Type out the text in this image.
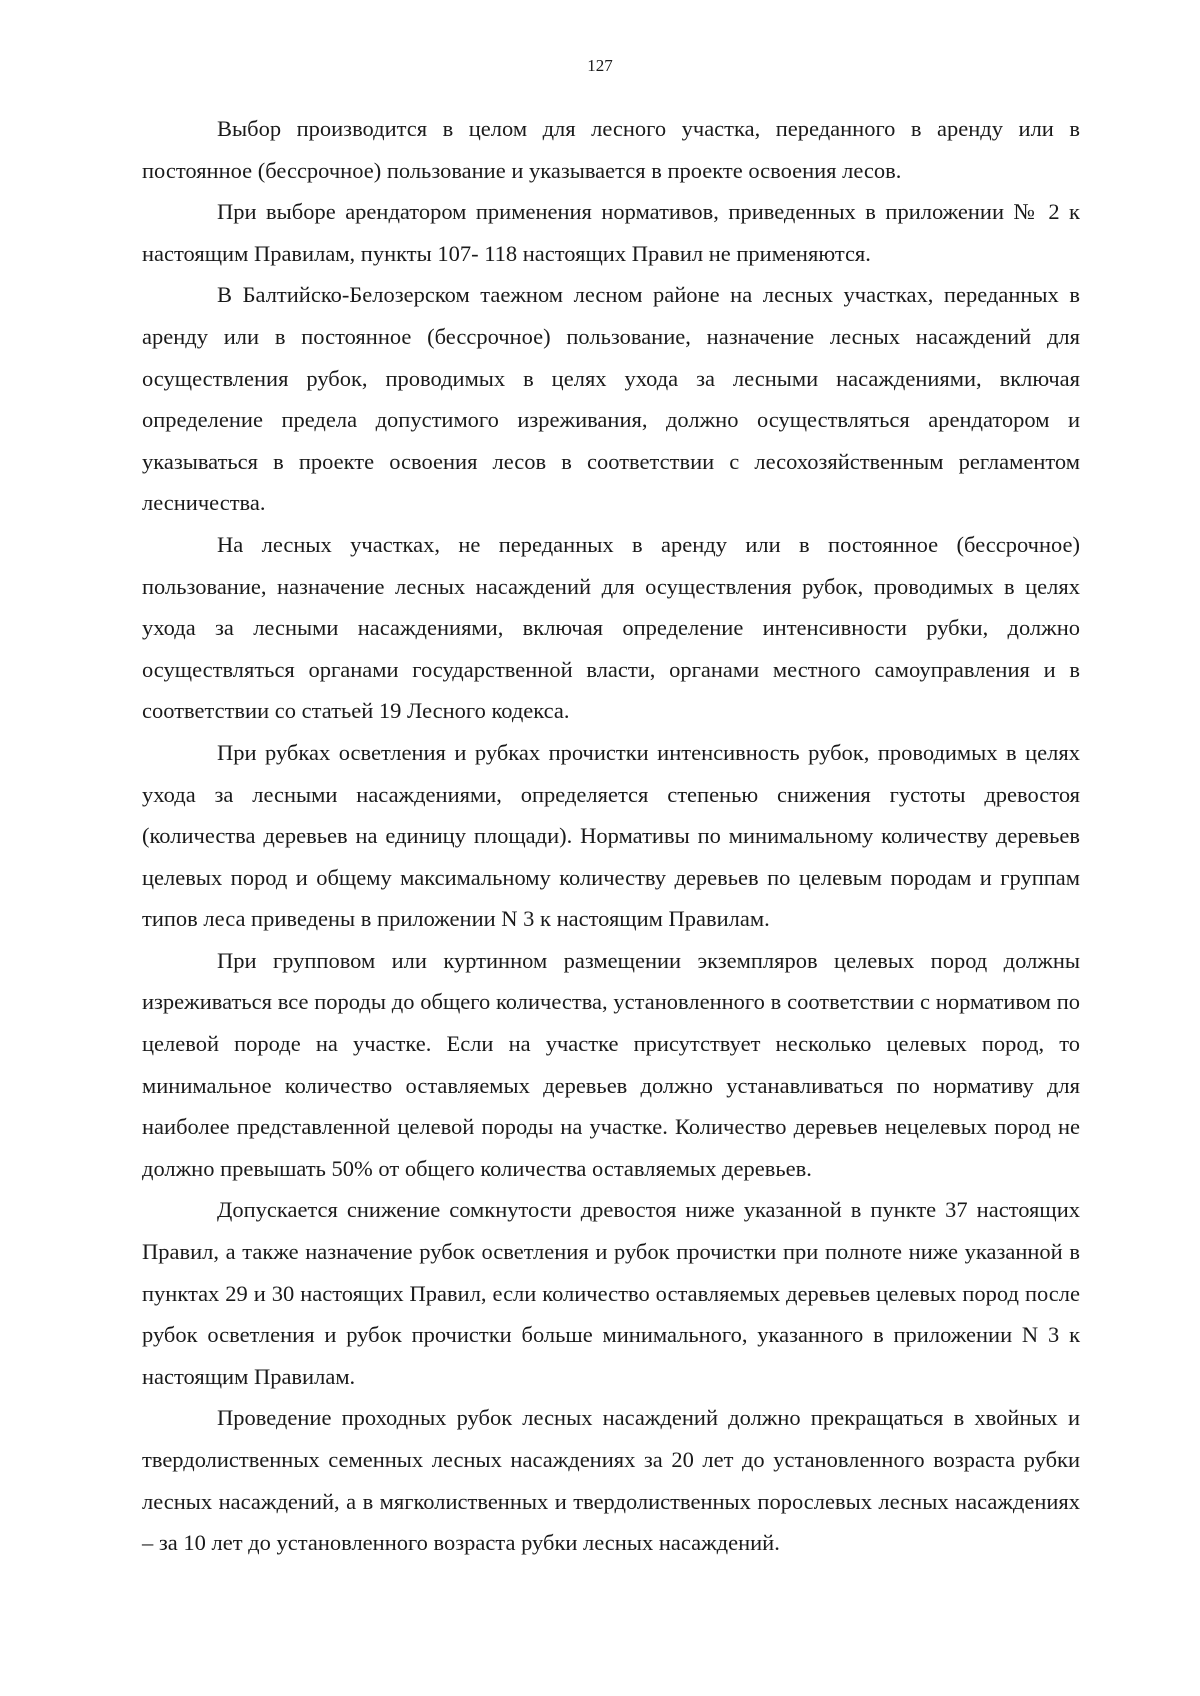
127

Выбор производится в целом для лесного участка, переданного в аренду или в постоянное (бессрочное) пользование и указывается в проекте освоения лесов.

При выборе арендатором применения нормативов, приведенных в приложении № 2 к настоящим Правилам, пункты 107- 118 настоящих Правил не применяются.

В Балтийско-Белозерском таежном лесном районе на лесных участках, переданных в аренду или в постоянное (бессрочное) пользование, назначение лесных насаждений для осуществления рубок, проводимых в целях ухода за лесными насаждениями, включая определение предела допустимого изреживания, должно осуществляться арендатором и указываться в проекте освоения лесов в соответствии с лесохозяйственным регламентом лесничества.

На лесных участках, не переданных в аренду или в постоянное (бессрочное) пользование, назначение лесных насаждений для осуществления рубок, проводимых в целях ухода за лесными насаждениями, включая определение интенсивности рубки, должно осуществляться органами государственной власти, органами местного самоуправления и в соответствии со статьей 19 Лесного кодекса.

При рубках осветления и рубках прочистки интенсивность рубок, проводимых в целях ухода за лесными насаждениями, определяется степенью снижения густоты древостоя (количества деревьев на единицу площади). Нормативы по минимальному количеству деревьев целевых пород и общему максимальному количеству деревьев по целевым породам и группам типов леса приведены в приложении N 3 к настоящим Правилам.

При групповом или куртинном размещении экземпляров целевых пород должны изреживаться все породы до общего количества, установленного в соответствии с нормативом по целевой породе на участке. Если на участке присутствует несколько целевых пород, то минимальное количество оставляемых деревьев должно устанавливаться по нормативу для наиболее представленной целевой породы на участке. Количество деревьев нецелевых пород не должно превышать 50% от общего количества оставляемых деревьев.

Допускается снижение сомкнутости древостоя ниже указанной в пункте 37 настоящих Правил, а также назначение рубок осветления и рубок прочистки при полноте ниже указанной в пунктах 29 и 30 настоящих Правил, если количество оставляемых деревьев целевых пород после рубок осветления и рубок прочистки больше минимального, указанного в приложении N 3 к настоящим Правилам.

Проведение проходных рубок лесных насаждений должно прекращаться в хвойных и твердолиственных семенных лесных насаждениях за 20 лет до установленного возраста рубки лесных насаждений, а в мягколиственных и твердолиственных порослевых лесных насаждениях – за 10 лет до установленного возраста рубки лесных насаждений.
